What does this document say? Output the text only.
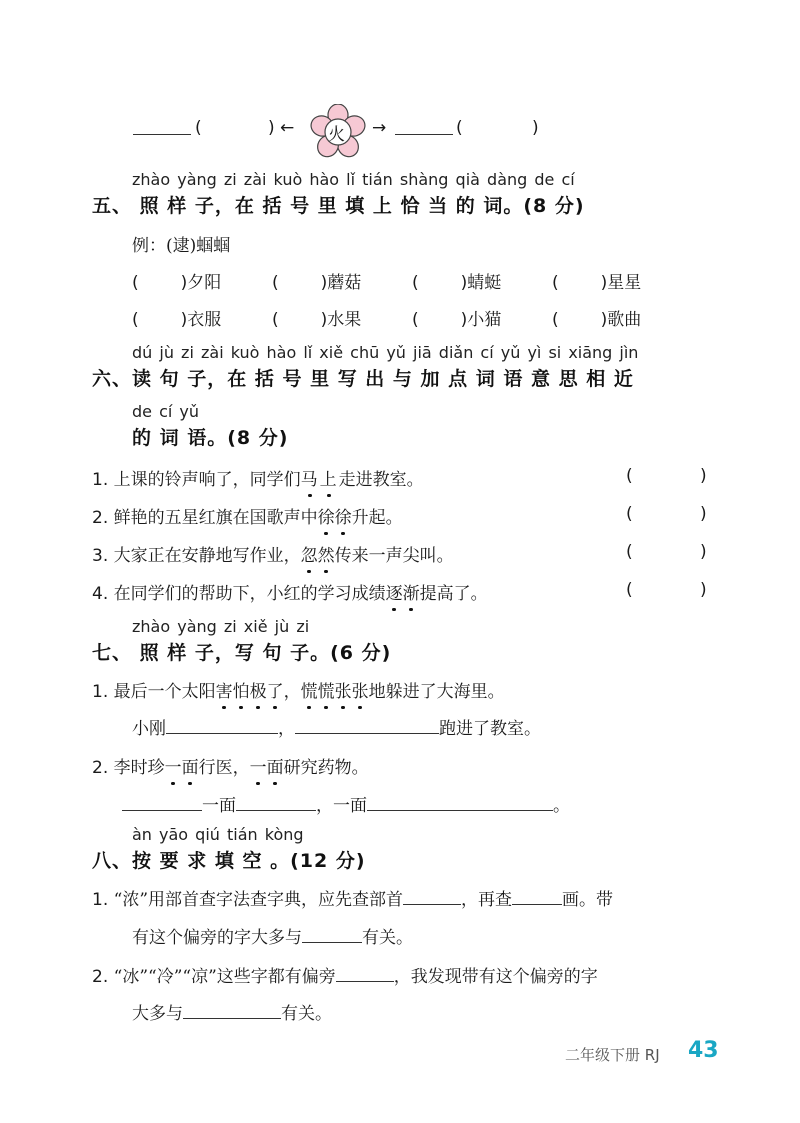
(	) ← 火 →	(	)
zhào yàng zi zài kuò hào lǐ tián shàng qià dàng de cí
五、 照 样 子，在 括 号 里 填 上 恰 当 的 词。(8 分)
例：(逮)蝈蝈
( )夕阳	( )蘑菇	( )蜻蜓	( )星星
( )衣服	( )水果	( )小猫	( )歌曲
dú jù zi zài kuò hào lǐ xiě chū yǔ jiā diǎn cí yǔ yì si xiāng jìn
六、读 句 子，在 括 号 里 写 出 与 加 点 词 语 意 思 相 近
de cí yǔ
的 词 语。(8 分)
1. 上课的铃声响了，同学们马上走进教室。
2. 鲜艳的五星红旗在国歌声中徐徐升起。
3. 大家正在安静地写作业，忽然传来一声尖叫。
4. 在同学们的帮助下，小红的学习成绩逐渐提高了。
(	)
(	)
(	)
(	)
zhào yàng zi xiě jù zi
七、 照 样 子，写 句 子。(6 分)
1. 最后一个太阳害怕极了，慌慌张张地躲进了大海里。
小刚	，	跑进了教室。
2. 李时珍一面行医，一面研究药物。
一面	，一面	。
àn yāo qiú tián kòng
八、按 要 求 填 空 。(12 分)
1. “浓”用部首查字法查字典，应先查部首	，再查	画。带
有这个偏旁的字大多与	有关。
2. “冰”“冷”“凉”这些字都有偏旁	，我发现带有这个偏旁的字
大多与	有关。
二年级下册 RJ 43
